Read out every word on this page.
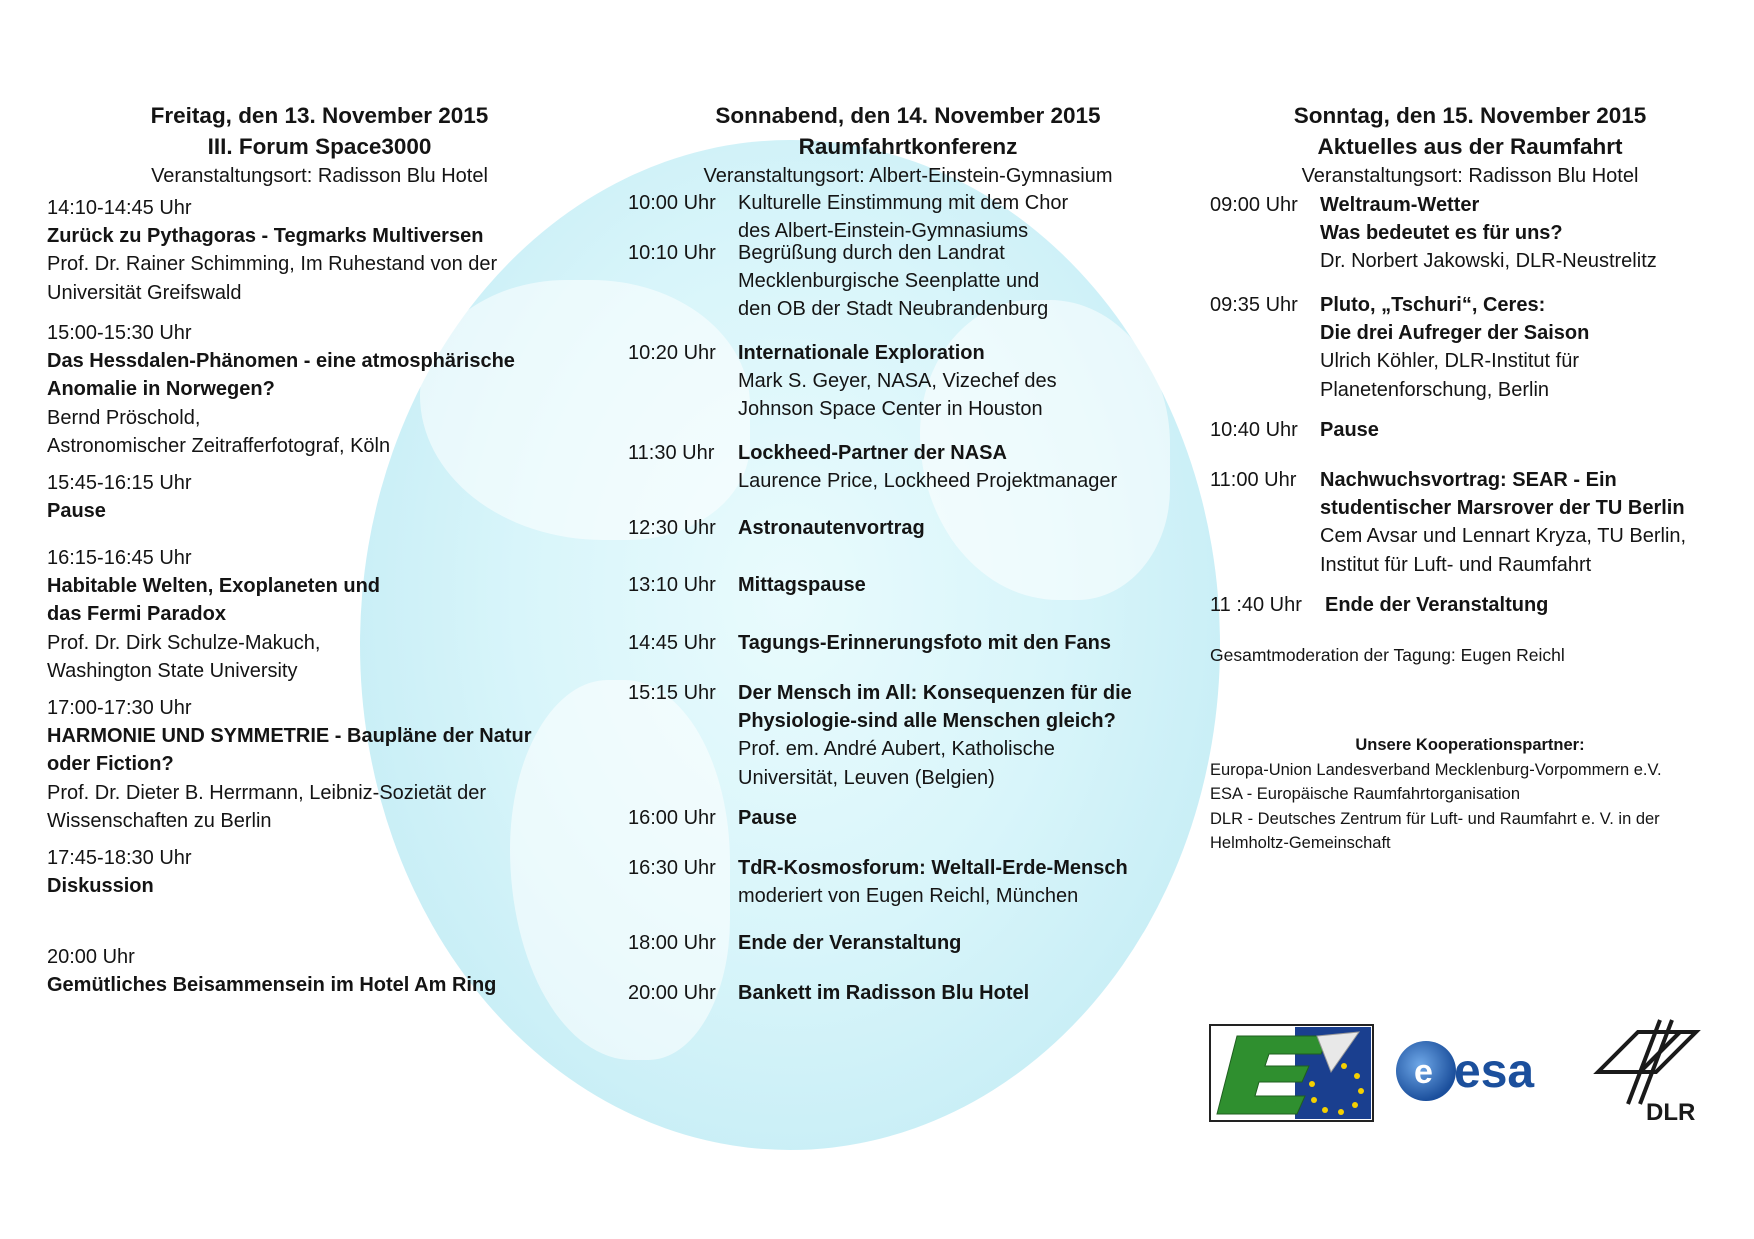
Freitag, den 13. November 2015
III. Forum Space3000
Veranstaltungsort: Radisson Blu Hotel
14:10-14:45 Uhr
Zurück zu Pythagoras - Tegmarks Multiversen
Prof. Dr. Rainer Schimming, Im Ruhestand von der
Universität Greifswald
15:00-15:30 Uhr
Das Hessdalen-Phänomen - eine atmosphärische
Anomalie in Norwegen?
Bernd Pröschold,
Astronomischer Zeitrafferfotograf, Köln
15:45-16:15 Uhr
Pause
16:15-16:45 Uhr
Habitable Welten, Exoplaneten und
das Fermi Paradox
Prof. Dr. Dirk Schulze-Makuch,
Washington State University
17:00-17:30 Uhr
HARMONIE UND SYMMETRIE - Baupläne der Natur
oder Fiction?
Prof. Dr. Dieter B. Herrmann, Leibniz-Sozietät der
Wissenschaften zu Berlin
17:45-18:30 Uhr
Diskussion
20:00 Uhr
Gemütliches Beisammensein im Hotel Am Ring
Sonnabend, den 14. November 2015
Raumfahrtkonferenz
Veranstaltungsort: Albert-Einstein-Gymnasium
10:00 Uhr Kulturelle Einstimmung mit dem Chor
des Albert-Einstein-Gymnasiums
10:10 Uhr Begrüßung durch den Landrat
Mecklenburgische Seenplatte und
den OB der Stadt Neubrandenburg
10:20 Uhr Internationale Exploration
Mark S. Geyer, NASA, Vizechef des
Johnson Space Center in Houston
11:30 Uhr Lockheed-Partner der NASA
Laurence Price, Lockheed Projektmanager
12:30 Uhr Astronautenvortrag
13:10 Uhr Mittagspause
14:45 Uhr Tagungs-Erinnerungsfoto mit den Fans
15:15 Uhr Der Mensch im All: Konsequenzen für die
Physiologie-sind alle Menschen gleich?
Prof. em. André Aubert, Katholische
Universität, Leuven (Belgien)
16:00 Uhr Pause
16:30 Uhr TdR-Kosmosforum: Weltall-Erde-Mensch
moderiert von Eugen Reichl, München
18:00 Uhr Ende der Veranstaltung
20:00 Uhr Bankett im Radisson Blu Hotel
Sonntag, den 15. November 2015
Aktuelles aus der Raumfahrt
Veranstaltungsort: Radisson Blu Hotel
09:00 Uhr Weltraum-Wetter
Was bedeutet es für uns?
Dr. Norbert Jakowski, DLR-Neustrelitz
09:35 Uhr Pluto, „Tschuri“, Ceres:
Die drei Aufreger der Saison
Ulrich Köhler, DLR-Institut für
Planetenforschung, Berlin
10:40 Uhr Pause
11:00 Uhr Nachwuchsvortrag: SEAR - Ein
studentischer Marsrover der TU Berlin
Cem Avsar und Lennart Kryza, TU Berlin,
Institut für Luft- und Raumfahrt
11 :40 Uhr Ende der Veranstaltung
Gesamtmoderation der Tagung: Eugen Reichl
Unsere Kooperationspartner:
Europa-Union Landesverband Mecklenburg-Vorpommern e.V.
ESA - Europäische Raumfahrtorganisation
DLR - Deutsches Zentrum für Luft- und Raumfahrt e. V. in der
Helmholtz-Gemeinschaft
E
e esa
DLR
